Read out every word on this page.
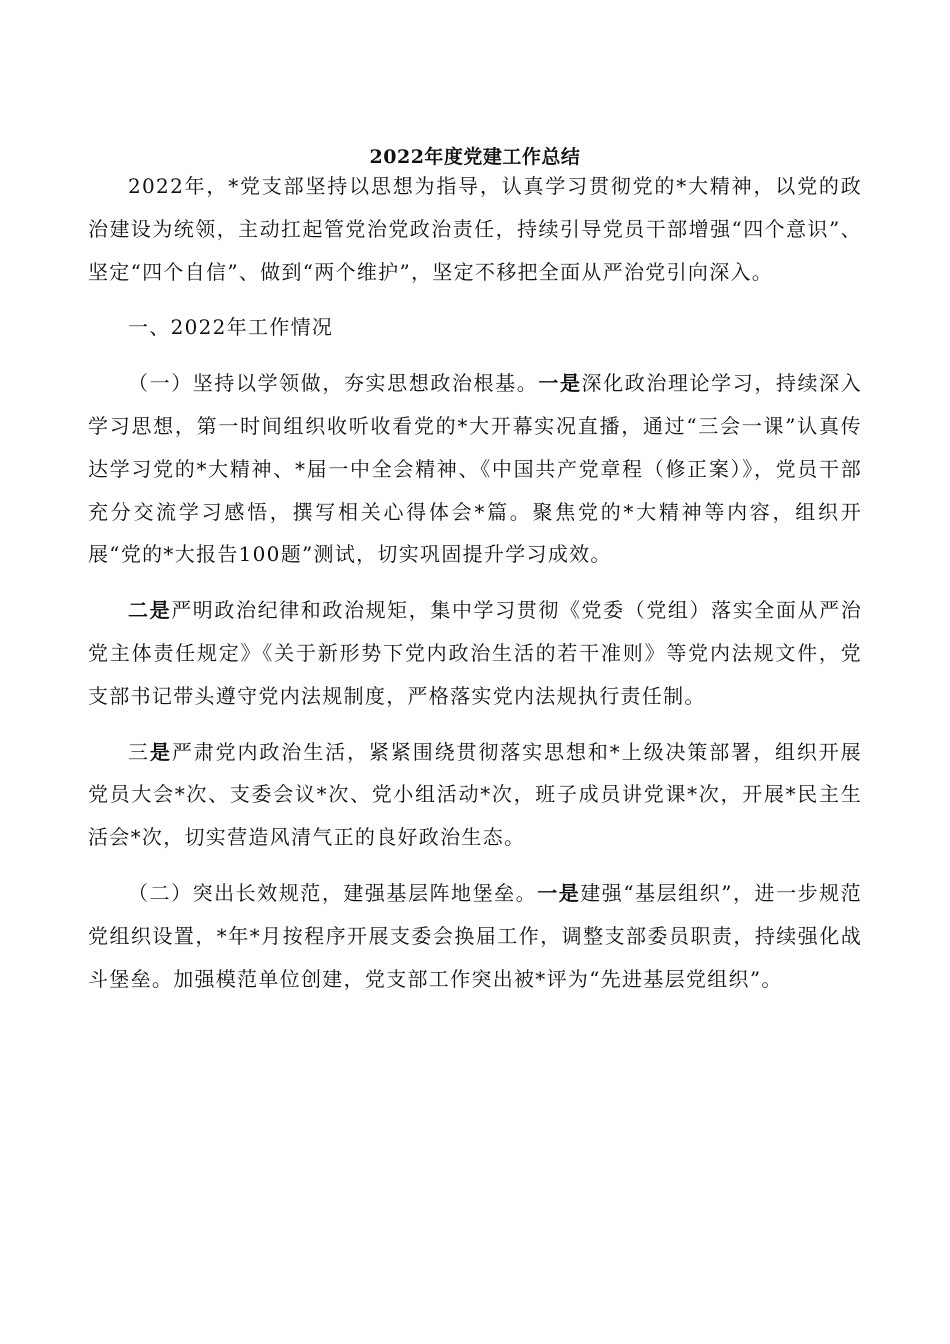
2022年度党建工作总结

2022年，*党支部坚持以思想为指导，认真学习贯彻党的*大精神，以党的政治建设为统领，主动扛起管党治党政治责任，持续引导党员干部增强“四个意识”、坚定“四个自信”、做到“两个维护”，坚定不移把全面从严治党引向深入。

一、2022年工作情况

（一）坚持以学领做，夯实思想政治根基。一是深化政治理论学习，持续深入学习思想，第一时间组织收听收看党的*大开幕实况直播，通过“三会一课”认真传达学习党的*大精神、*届一中全会精神、《中国共产党章程（修正案）》，党员干部充分交流学习感悟，撰写相关心得体会*篇。聚焦党的*大精神等内容，组织开展“党的*大报告100题”测试，切实巩固提升学习成效。

二是严明政治纪律和政治规矩，集中学习贯彻《党委（党组）落实全面从严治党主体责任规定》《关于新形势下党内政治生活的若干准则》等党内法规文件，党支部书记带头遵守党内法规制度，严格落实党内法规执行责任制。

三是严肃党内政治生活，紧紧围绕贯彻落实思想和*上级决策部署，组织开展党员大会*次、支委会议*次、党小组活动*次，班子成员讲党课*次，开展*民主生活会*次，切实营造风清气正的良好政治生态。

（二）突出长效规范，建强基层阵地堡垒。一是建强“基层组织”，进一步规范党组织设置，*年*月按程序开展支委会换届工作，调整支部委员职责，持续强化战斗堡垒。加强模范单位创建，党支部工作突出被*评为“先进基层党组织”。
